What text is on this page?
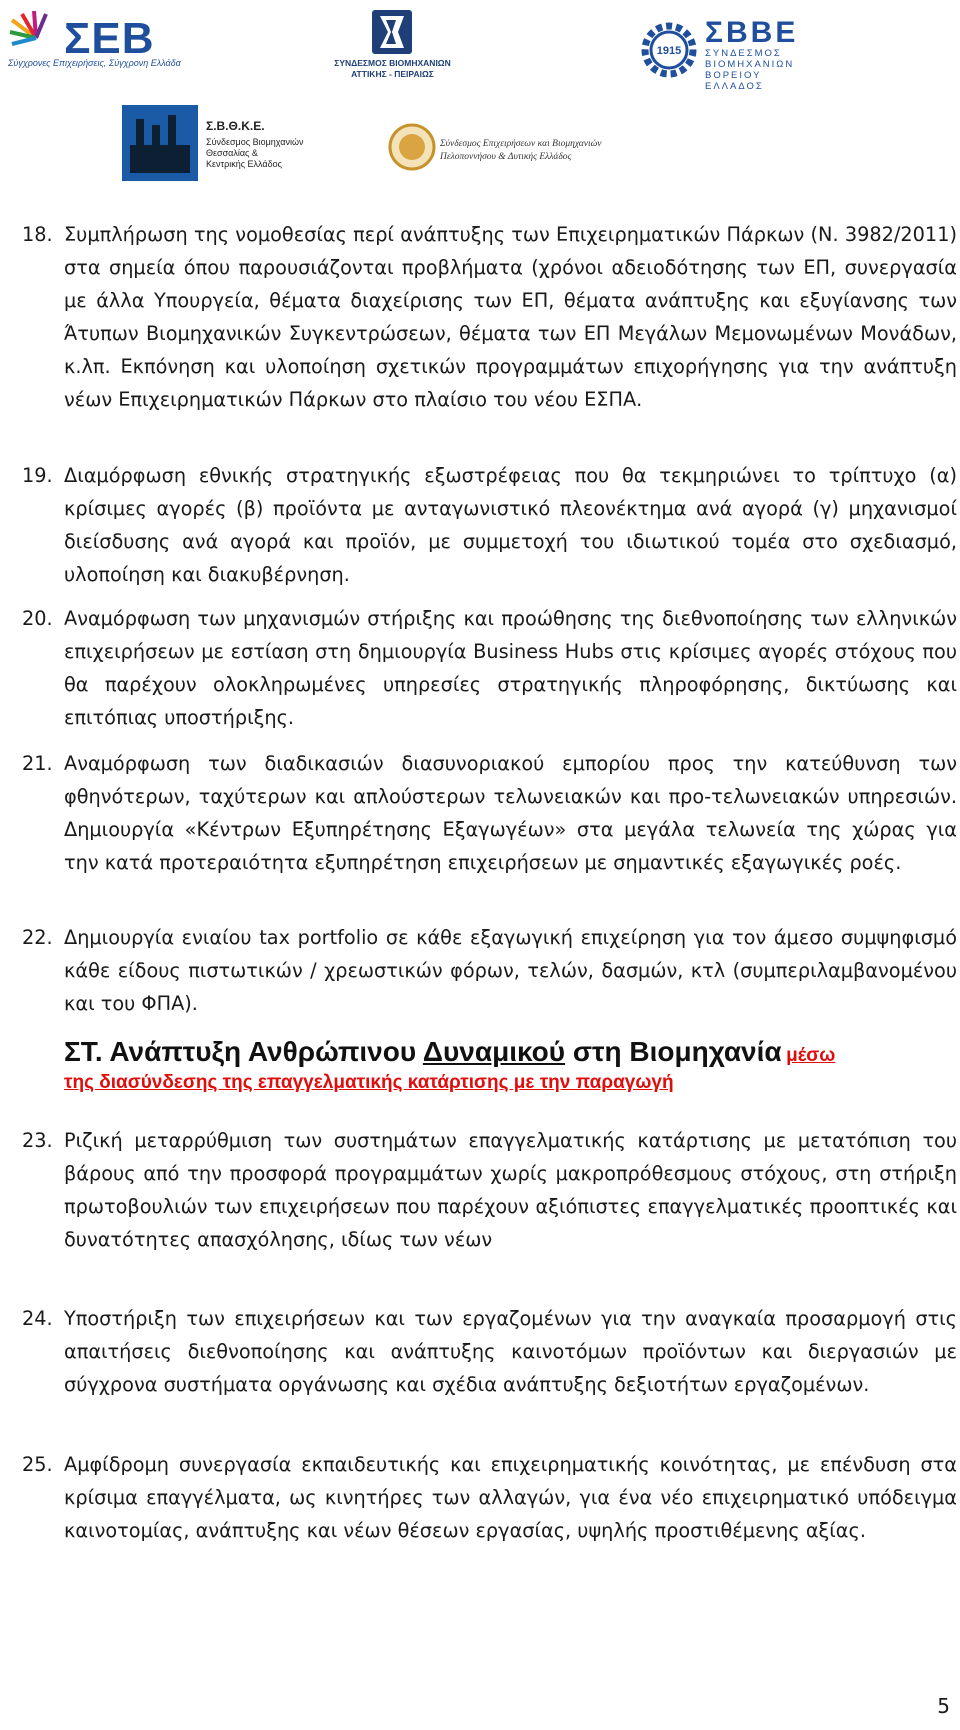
ΣΕΒ
Σύγχρονες Επιχειρήσεις, Σύγχρονη Ελλάδα	ΣΥΝΔΕΣΜΟΣ ΒΙΟΜΗΧΑΝΙΩΝ ΑΤΤΙΚΗΣ - ΠΕΙΡΑΙΩΣ
1915
ΣΒΒΕ
ΣΥΝΔΕΣΜΟΣ
ΒΙΟΜΗΧΑΝΙΩΝ
ΒΟΡΕΙΟΥ ΕΛΛΑΔΟΣ
Σ.Β.Θ.Κ.Ε.
Σύνδεσμος Βιομηχανιών
Θεσσαλίας &
Κεντρικής Ελλάδος
Σύνδεσμος Επιχειρήσεων και Βιομηχανιών
Πελοποννήσου & Δυτικής Ελλάδος
18. Συμπλήρωση της νομοθεσίας περί ανάπτυξης των Επιχειρηματικών Πάρκων (Ν. 3982/2011) στα σημεία όπου παρουσιάζονται προβλήματα (χρόνοι αδειοδότησης των ΕΠ, συνεργασία με άλλα Υπουργεία, θέματα διαχείρισης των ΕΠ, θέματα ανάπτυξης και εξυγίανσης των Άτυπων Βιομηχανικών Συγκεντρώσεων, θέματα των ΕΠ Μεγάλων Μεμονωμένων Μονάδων, κ.λπ. Εκπόνηση και υλοποίηση σχετικών προγραμμάτων επιχορήγησης για την ανάπτυξη νέων Επιχειρηματικών Πάρκων στο πλαίσιο του νέου ΕΣΠΑ.
19. Διαμόρφωση εθνικής στρατηγικής εξωστρέφειας που θα τεκμηριώνει το τρίπτυχο (α) κρίσιμες αγορές (β) προϊόντα με ανταγωνιστικό πλεονέκτημα ανά αγορά (γ) μηχανισμοί διείσδυσης ανά αγορά και προϊόν, με συμμετοχή του ιδιωτικού τομέα στο σχεδιασμό, υλοποίηση και διακυβέρνηση.
20. Αναμόρφωση των μηχανισμών στήριξης και προώθησης της διεθνοποίησης των ελληνικών επιχειρήσεων με εστίαση στη δημιουργία Business Hubs στις κρίσιμες αγορές στόχους που θα παρέχουν ολοκληρωμένες υπηρεσίες στρατηγικής πληροφόρησης, δικτύωσης και επιτόπιας υποστήριξης.
21. Αναμόρφωση των διαδικασιών διασυνοριακού εμπορίου προς την κατεύθυνση των φθηνότερων, ταχύτερων και απλούστερων τελωνειακών και προ-τελωνειακών υπηρεσιών. Δημιουργία «Κέντρων Εξυπηρέτησης Εξαγωγέων» στα μεγάλα τελωνεία της χώρας για την κατά προτεραιότητα εξυπηρέτηση επιχειρήσεων με σημαντικές εξαγωγικές ροές.
22. Δημιουργία ενιαίου tax portfolio σε κάθε εξαγωγική επιχείρηση για τον άμεσο συμψηφισμό κάθε είδους πιστωτικών / χρεωστικών φόρων, τελών, δασμών, κτλ (συμπεριλαμβανομένου και του ΦΠΑ).
ΣΤ. Ανάπτυξη Ανθρώπινου Δυναμικού στη Βιομηχανία μέσω
της διασύνδεσης της επαγγελματικής κατάρτισης με την παραγωγή
23. Ριζική μεταρρύθμιση των συστημάτων επαγγελματικής κατάρτισης με μετατόπιση του βάρους από την προσφορά προγραμμάτων χωρίς μακροπρόθεσμους στόχους, στη στήριξη πρωτοβουλιών των επιχειρήσεων που παρέχουν αξιόπιστες επαγγελματικές προοπτικές και δυνατότητες απασχόλησης, ιδίως των νέων
24. Υποστήριξη των επιχειρήσεων και των εργαζομένων για την αναγκαία προσαρμογή στις απαιτήσεις διεθνοποίησης και ανάπτυξης καινοτόμων προϊόντων και διεργασιών με σύγχρονα συστήματα οργάνωσης και σχέδια ανάπτυξης δεξιοτήτων εργαζομένων.
25. Αμφίδρομη συνεργασία εκπαιδευτικής και επιχειρηματικής κοινότητας, με επένδυση στα κρίσιμα επαγγέλματα, ως κινητήρες των αλλαγών, για ένα νέο επιχειρηματικό υπόδειγμα καινοτομίας, ανάπτυξης και νέων θέσεων εργασίας, υψηλής προστιθέμενης αξίας.
5
